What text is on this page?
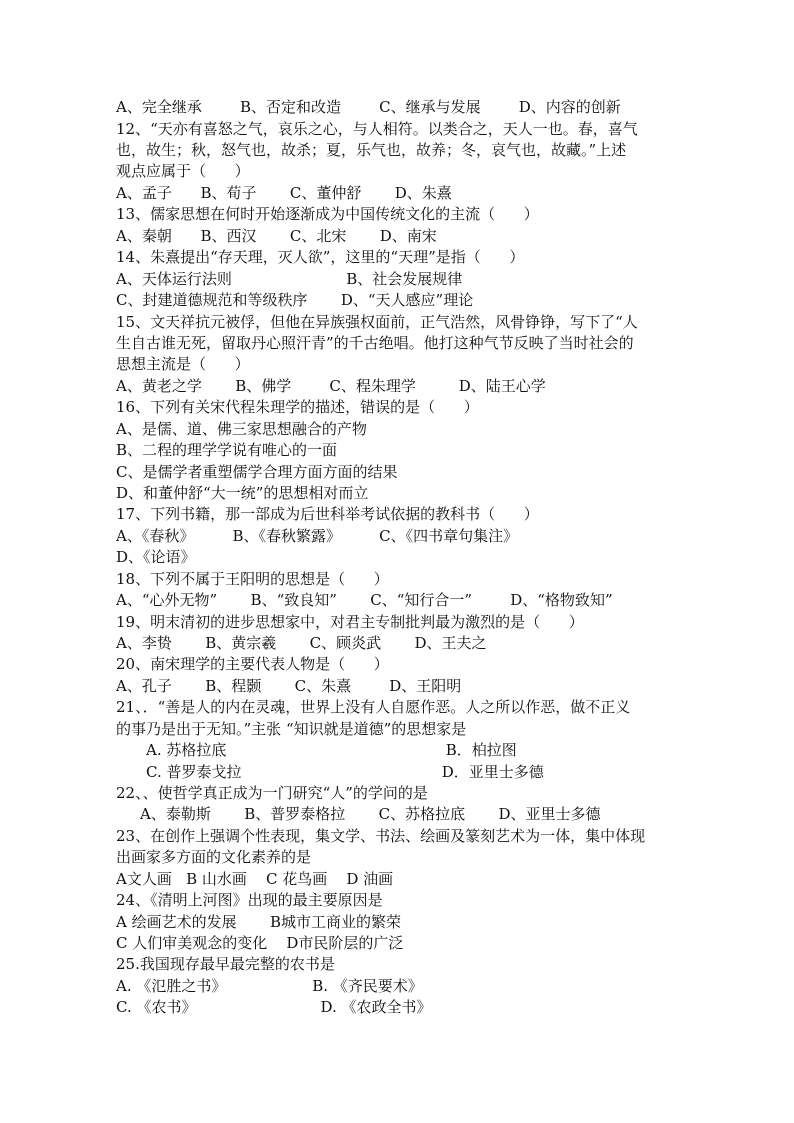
A、完全继承        B、否定和改造        C、继承与发展        D、内容的创新
12、“天亦有喜怒之气，哀乐之心，与人相符。以类合之，天人一也。春，喜气
也，故生；秋，怒气也，故杀；夏，乐气也，故养；冬，哀气也，故藏。”上述
观点应属于（      ）
A、孟子      B、荀子       C、董仲舒       D、朱熹
13、儒家思想在何时开始逐渐成为中国传统文化的主流（      ）
A、秦朝      B、西汉       C、北宋       D、南宋
14、朱熹提出“存天理，灭人欲”，这里的“天理”是指（      ）
A、天体运行法则                        B、社会发展规律
C、封建道德规范和等级秩序       D、“天人感应”理论
15、文天祥抗元被俘，但他在异族强权面前，正气浩然，风骨铮铮，写下了“人
生自古谁无死，留取丹心照汗青”的千古绝唱。他打这种气节反映了当时社会的
思想主流是（      ）
A、黄老之学       B、佛学        C、程朱理学         D、陆王心学
16、下列有关宋代程朱理学的描述，错误的是（      ）
A、是儒、道、佛三家思想融合的产物
B、二程的理学学说有唯心的一面
C、是儒学者重塑儒学合理方面方面的结果
D、和董仲舒“大一统”的思想相对而立
17、下列书籍，那一部成为后世科举考试依据的教科书（      ）
A、《春秋》        B、《春秋繁露》        C、《四书章句集注》
D、《论语》
18、下列不属于王阳明的思想是（      ）
A、“心外无物”       B、“致良知”       C、“知行合一”        D、“格物致知”
19、明末清初的进步思想家中，对君主专制批判最为激烈的是（      ）
A、李贽       B、黄宗羲       C、顾炎武       D、王夫之
20、南宋理学的主要代表人物是（      ）
A、孔子       B、程颢       C、朱熹        D、王阳明
21、．“善是人的内在灵魂，世界上没有人自愿作恶。人之所以作恶，做不正义
的事乃是出于无知。”主张 “知识就是道德”的思想家是
A. 苏格拉底                                              B．柏拉图
C. 普罗泰戈拉                                          D．亚里士多德
22、、使哲学真正成为一门研究“人”的学问的是
A、泰勒斯       B、普罗泰格拉       C、苏格拉底       D、亚里士多德
23、在创作上强调个性表现，集文学、书法、绘画及篆刻艺术为一体，集中体现
出画家多方面的文化素养的是
A文人画   B 山水画    C 花鸟画    D 油画
24、《清明上河图》出现的最主要原因是
A 绘画艺术的发展       B城市工商业的繁荣
C 人们审美观念的变化    D市民阶层的广泛
25.我国现存最早最完整的农书是
A. 《氾胜之书》                  B. 《齐民要术》
C. 《农书》                          D. 《农政全书》
